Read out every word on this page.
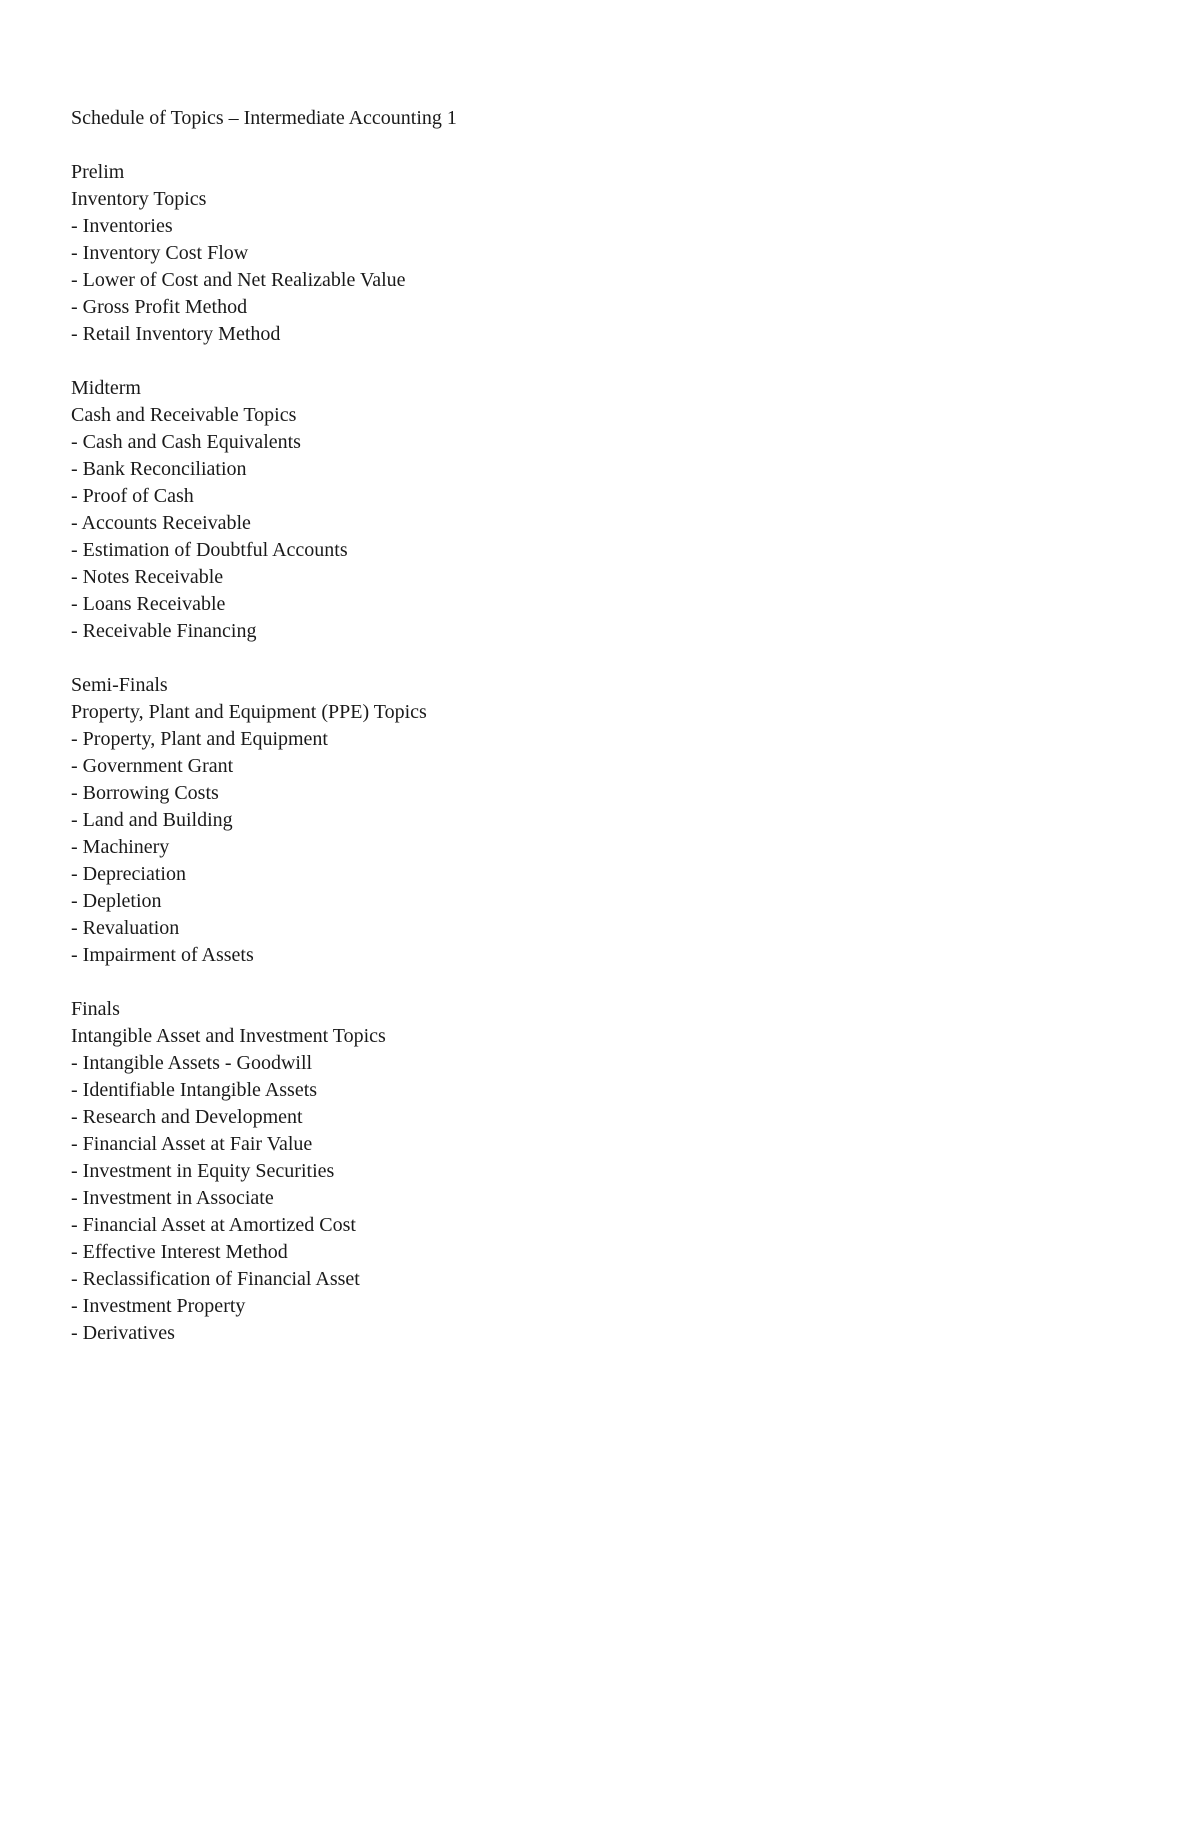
Schedule of Topics – Intermediate Accounting 1
Prelim
Inventory Topics
- Inventories
- Inventory Cost Flow
- Lower of Cost and Net Realizable Value
- Gross Profit Method
- Retail Inventory Method
Midterm
Cash and Receivable Topics
- Cash and Cash Equivalents
- Bank Reconciliation
- Proof of Cash
- Accounts Receivable
- Estimation of Doubtful Accounts
- Notes Receivable
- Loans Receivable
- Receivable Financing
Semi-Finals
Property, Plant and Equipment (PPE) Topics
- Property, Plant and Equipment
- Government Grant
- Borrowing Costs
- Land and Building
- Machinery
- Depreciation
- Depletion
- Revaluation
- Impairment of Assets
Finals
Intangible Asset and Investment Topics
- Intangible Assets - Goodwill
- Identifiable Intangible Assets
- Research and Development
- Financial Asset at Fair Value
- Investment in Equity Securities
- Investment in Associate
- Financial Asset at Amortized Cost
- Effective Interest Method
- Reclassification of Financial Asset
- Investment Property
- Derivatives
